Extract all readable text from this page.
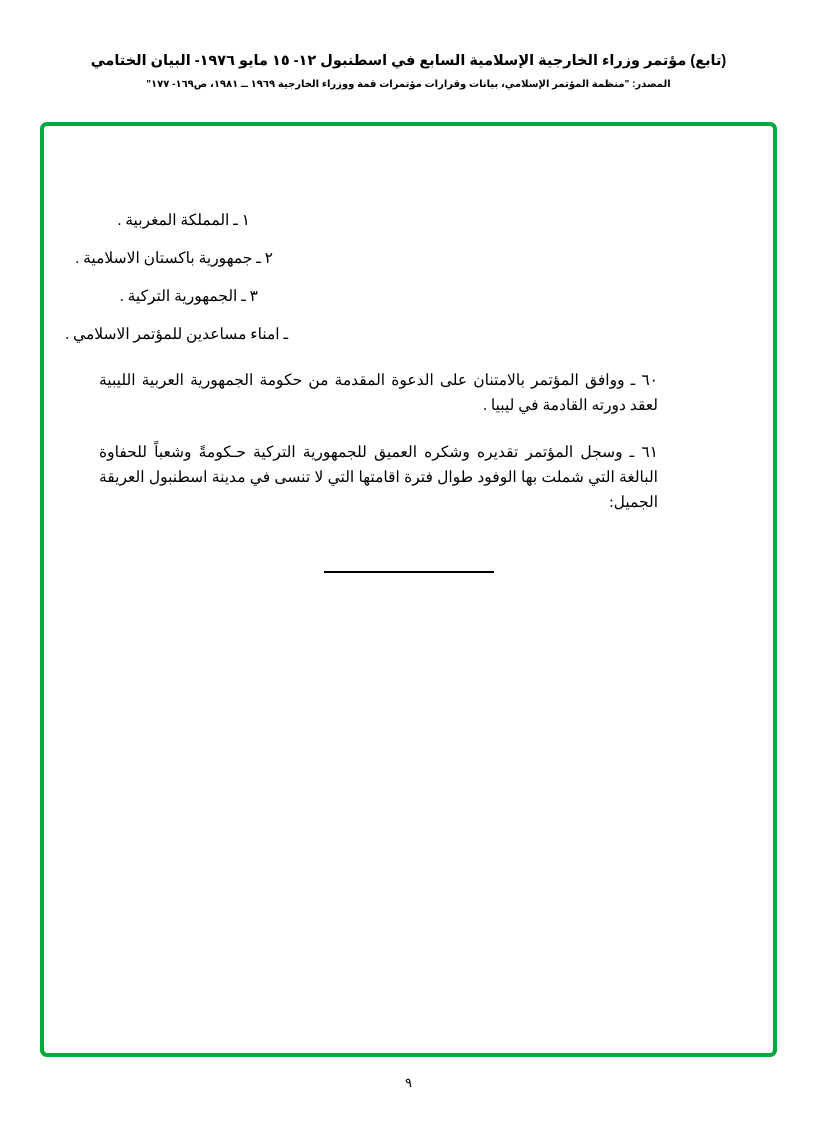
(تابع) مؤتمر وزراء الخارجية الإسلامية السابع في اسطنبول ١٢- ١٥ مايو ١٩٧٦- البيان الختامي
المصدر: "منظمة المؤتمر الإسلامي، بيانات وقرارات مؤتمرات قمة ووزراء الخارجية ١٩٦٩ ــ ١٩٨١، ص١٦٩- ١٧٧"
١ ـ المملكة المغربية .
٢ ـ جمهورية باكستان الاسلامية .
٣ ـ الجمهورية التركية .
ـ امناء مساعدين للمؤتمر الاسلامي .
٦٠ ـ ووافق المؤتمر بالامتنان على الدعوة المقدمة من حكومة الجمهورية العربية الليبية لعقد دورته القادمة في ليبيا .
٦١ ـ وسجل المؤتمر تقديره وشكره العميق للجمهورية التركية حـكومةً وشعباً للحفاوة البالغة التي شملت بها الوفود طوال فترة اقامتها التي لا تنسى في مدينة اسطنبول العريقة الجميل:
٩
